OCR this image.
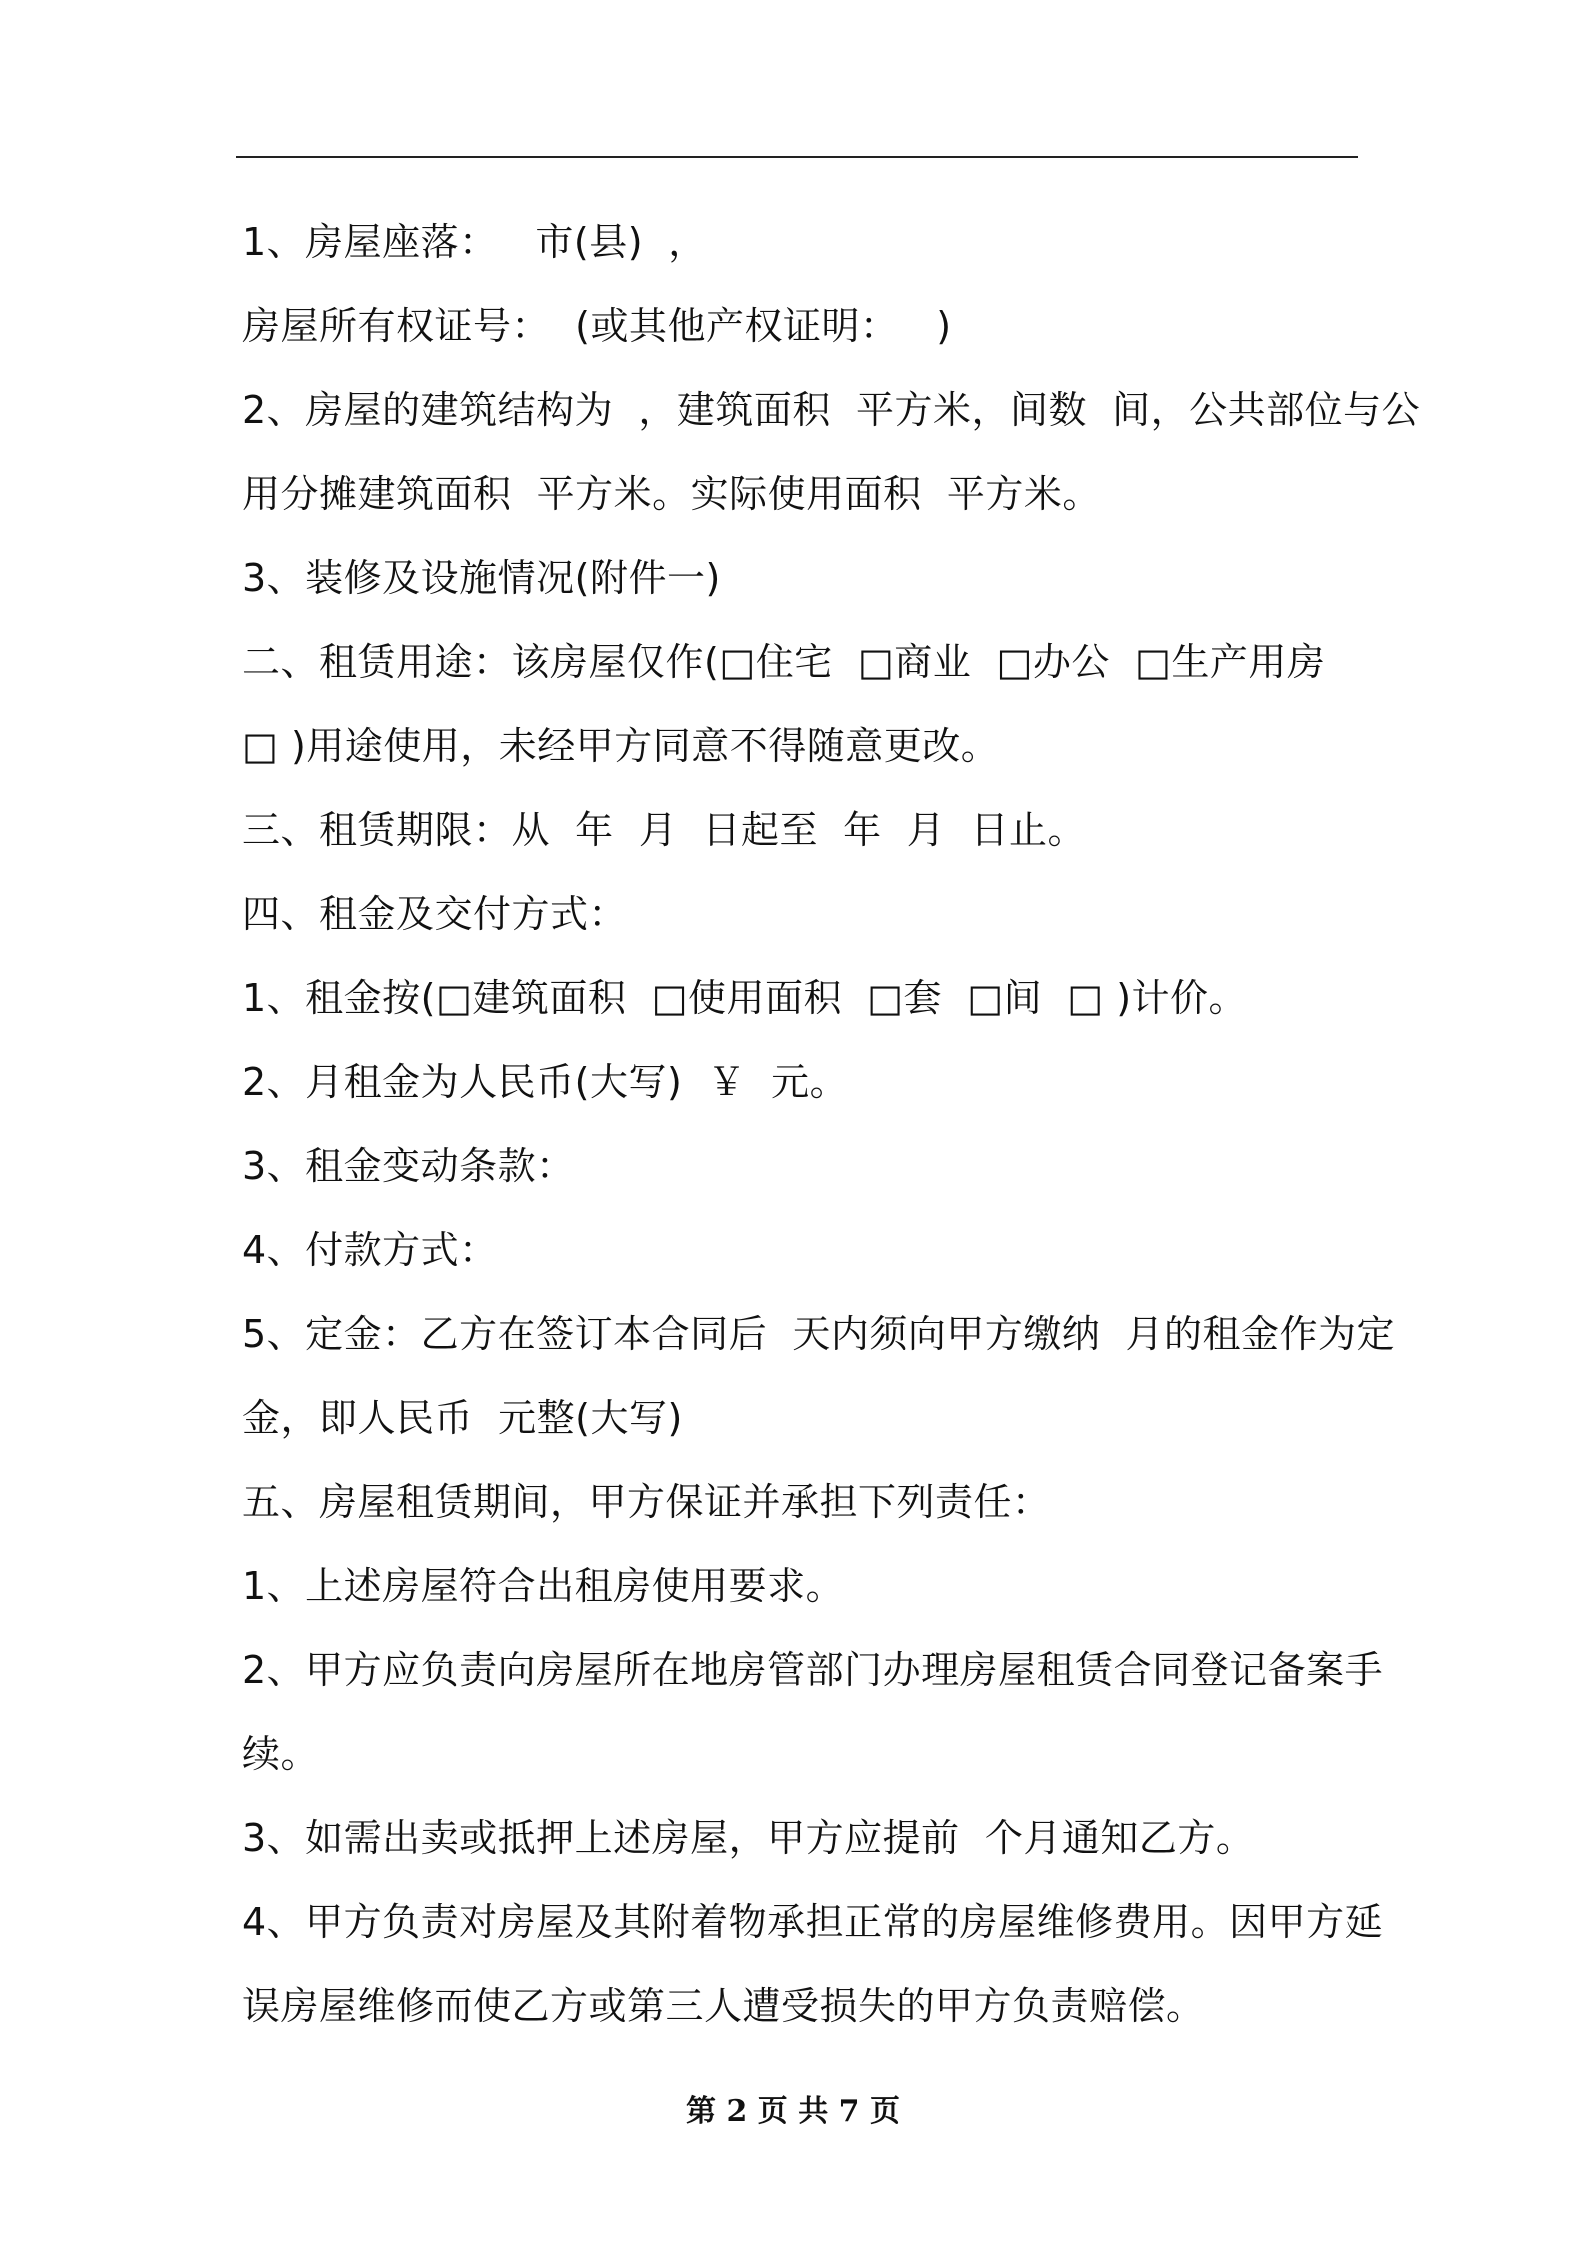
1、房屋座落：   市(县)  ，
房屋所有权证号：  (或其他产权证明：   )
2、房屋的建筑结构为  ，建筑面积  平方米，间数  间，公共部位与公
用分摊建筑面积  平方米。实际使用面积  平方米。
3、装修及设施情况(附件一)
二、租赁用途：该房屋仅作(□住宅  □商业  □办公  □生产用房
□ )用途使用，未经甲方同意不得随意更改。
三、租赁期限：从  年  月  日起至  年  月  日止。
四、租金及交付方式：
1、租金按(□建筑面积  □使用面积  □套  □间  □ )计价。
2、月租金为人民币(大写)  ￥  元。
3、租金变动条款：
4、付款方式：
5、定金：乙方在签订本合同后  天内须向甲方缴纳  月的租金作为定
金，即人民币  元整(大写)
五、房屋租赁期间，甲方保证并承担下列责任：
1、上述房屋符合出租房使用要求。
2、甲方应负责向房屋所在地房管部门办理房屋租赁合同登记备案手
续。
3、如需出卖或抵押上述房屋，甲方应提前  个月通知乙方。
4、甲方负责对房屋及其附着物承担正常的房屋维修费用。因甲方延
误房屋维修而使乙方或第三人遭受损失的甲方负责赔偿。
第 2 页 共 7 页
